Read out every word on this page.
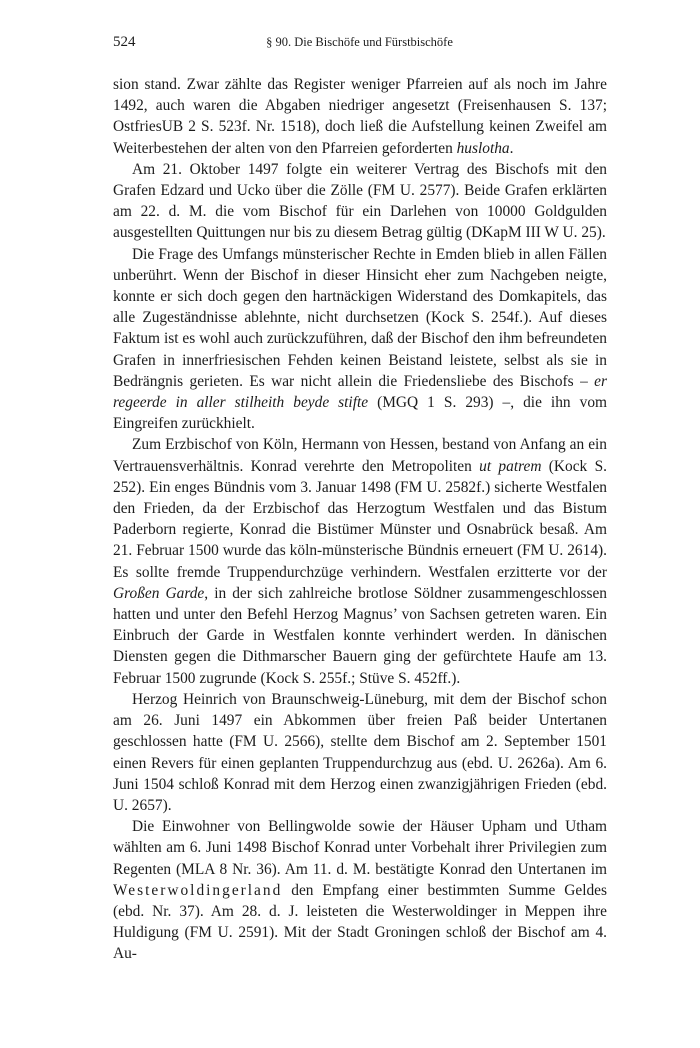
524	§ 90. Die Bischöfe und Fürstbischöfe

sion stand. Zwar zählte das Register weniger Pfarreien auf als noch im Jahre 1492, auch waren die Abgaben niedriger angesetzt (Freisenhausen S. 137; OstfriesUB 2 S. 523f. Nr. 1518), doch ließ die Aufstellung keinen Zweifel am Weiterbestehen der alten von den Pfarreien geforderten huslotha.

Am 21. Oktober 1497 folgte ein weiterer Vertrag des Bischofs mit den Grafen Edzard und Ucko über die Zölle (FM U. 2577). Beide Grafen erklärten am 22. d. M. die vom Bischof für ein Darlehen von 10000 Goldgulden ausgestellten Quittungen nur bis zu diesem Betrag gültig (DKapM III W U. 25).

Die Frage des Umfangs münsterischer Rechte in Emden blieb in allen Fällen unberührt. Wenn der Bischof in dieser Hinsicht eher zum Nachgeben neigte, konnte er sich doch gegen den hartnäckigen Widerstand des Domkapitels, das alle Zugeständnisse ablehnte, nicht durchsetzen (Kock S. 254f.). Auf dieses Faktum ist es wohl auch zurückzuführen, daß der Bischof den ihm befreundeten Grafen in innerfriesischen Fehden keinen Beistand leistete, selbst als sie in Bedrängnis gerieten. Es war nicht allein die Friedensliebe des Bischofs – er regeerde in aller stilheith beyde stifte (MGQ 1 S. 293) –, die ihn vom Eingreifen zurückhielt.

Zum Erzbischof von Köln, Hermann von Hessen, bestand von Anfang an ein Vertrauensverhältnis. Konrad verehrte den Metropoliten ut patrem (Kock S. 252). Ein enges Bündnis vom 3. Januar 1498 (FM U. 2582f.) sicherte Westfalen den Frieden, da der Erzbischof das Herzogtum Westfalen und das Bistum Paderborn regierte, Konrad die Bistümer Münster und Osnabrück besaß. Am 21. Februar 1500 wurde das köln-münsterische Bündnis erneuert (FM U. 2614). Es sollte fremde Truppendurchzüge verhindern. Westfalen erzitterte vor der Großen Garde, in der sich zahlreiche brotlose Söldner zusammengeschlossen hatten und unter den Befehl Herzog Magnus’ von Sachsen getreten waren. Ein Einbruch der Garde in Westfalen konnte verhindert werden. In dänischen Diensten gegen die Dithmarscher Bauern ging der gefürchtete Haufe am 13. Februar 1500 zugrunde (Kock S. 255f.; Stüve S. 452ff.).

Herzog Heinrich von Braunschweig-Lüneburg, mit dem der Bischof schon am 26. Juni 1497 ein Abkommen über freien Paß beider Untertanen geschlossen hatte (FM U. 2566), stellte dem Bischof am 2. September 1501 einen Revers für einen geplanten Truppendurchzug aus (ebd. U. 2626a). Am 6. Juni 1504 schloß Konrad mit dem Herzog einen zwanzigjährigen Frieden (ebd. U. 2657).

Die Einwohner von Bellingwolde sowie der Häuser Upham und Utham wählten am 6. Juni 1498 Bischof Konrad unter Vorbehalt ihrer Privilegien zum Regenten (MLA 8 Nr. 36). Am 11. d. M. bestätigte Konrad den Untertanen im Westerwoldingerland den Empfang einer bestimmten Summe Geldes (ebd. Nr. 37). Am 28. d. J. leisteten die Westerwoldinger in Meppen ihre Huldigung (FM U. 2591). Mit der Stadt Groningen schloß der Bischof am 4. Au-
